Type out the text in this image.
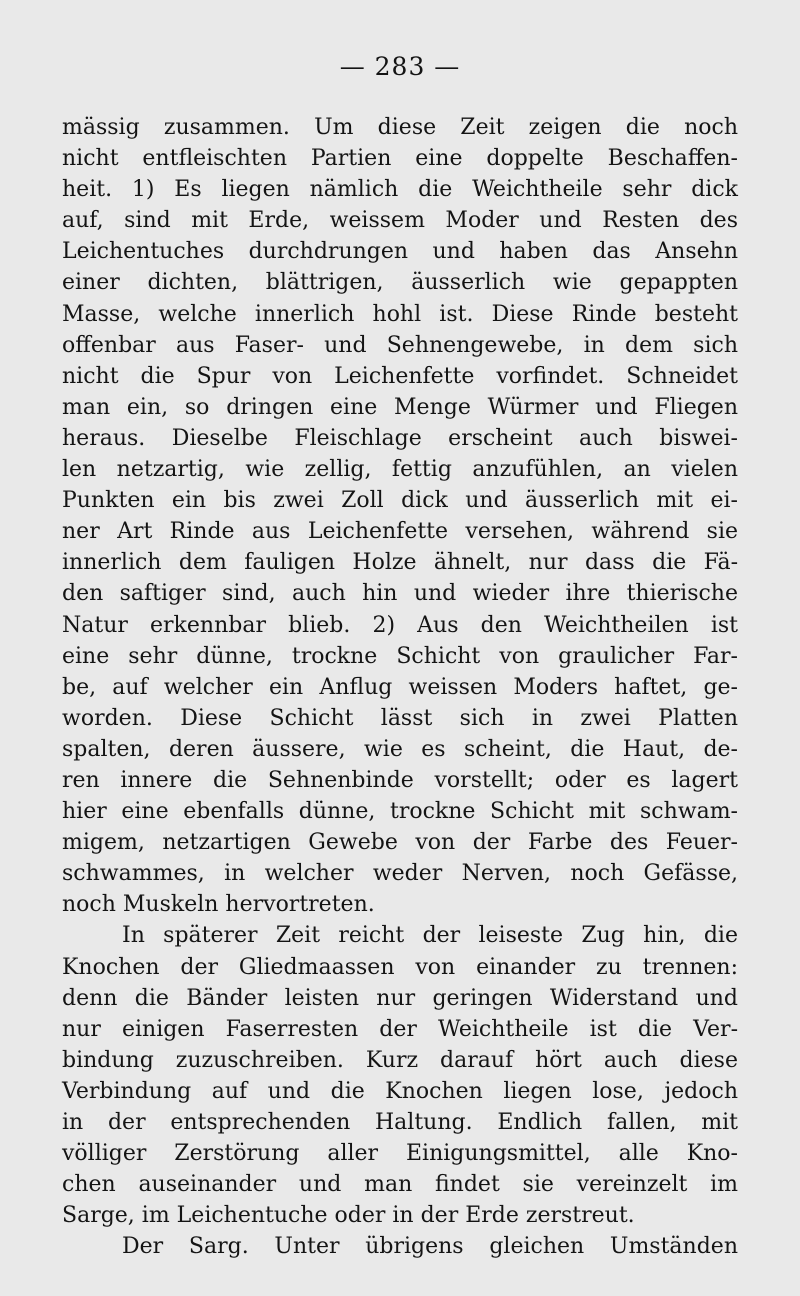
— 283 —
mässig zusammen. Um diese Zeit zeigen die noch
nicht entfleischten Partien eine doppelte Beschaffen-
heit. 1) Es liegen nämlich die Weichtheile sehr dick
auf, sind mit Erde, weissem Moder und Resten des
Leichentuches durchdrungen und haben das Ansehn
einer dichten, blättrigen, äusserlich wie gepappten
Masse, welche innerlich hohl ist. Diese Rinde besteht
offenbar aus Faser- und Sehnengewebe, in dem sich
nicht die Spur von Leichenfette vorfindet. Schneidet
man ein, so dringen eine Menge Würmer und Fliegen
heraus. Dieselbe Fleischlage erscheint auch biswei-
len netzartig, wie zellig, fettig anzufühlen, an vielen
Punkten ein bis zwei Zoll dick und äusserlich mit ei-
ner Art Rinde aus Leichenfette versehen, während sie
innerlich dem fauligen Holze ähnelt, nur dass die Fä-
den saftiger sind, auch hin und wieder ihre thierische
Natur erkennbar blieb. 2) Aus den Weichtheilen ist
eine sehr dünne, trockne Schicht von graulicher Far-
be, auf welcher ein Anflug weissen Moders haftet, ge-
worden. Diese Schicht lässt sich in zwei Platten
spalten, deren äussere, wie es scheint, die Haut, de-
ren innere die Sehnenbinde vorstellt; oder es lagert
hier eine ebenfalls dünne, trockne Schicht mit schwam-
migem, netzartigen Gewebe von der Farbe des Feuer-
schwammes, in welcher weder Nerven, noch Gefässe,
noch Muskeln hervortreten.
In späterer Zeit reicht der leiseste Zug hin, die
Knochen der Gliedmaassen von einander zu trennen:
denn die Bänder leisten nur geringen Widerstand und
nur einigen Faserresten der Weichtheile ist die Ver-
bindung zuzuschreiben. Kurz darauf hört auch diese
Verbindung auf und die Knochen liegen lose, jedoch
in der entsprechenden Haltung. Endlich fallen, mit
völliger Zerstörung aller Einigungsmittel, alle Kno-
chen auseinander und man findet sie vereinzelt im
Sarge, im Leichentuche oder in der Erde zerstreut.
Der Sarg. Unter übrigens gleichen Umständen
